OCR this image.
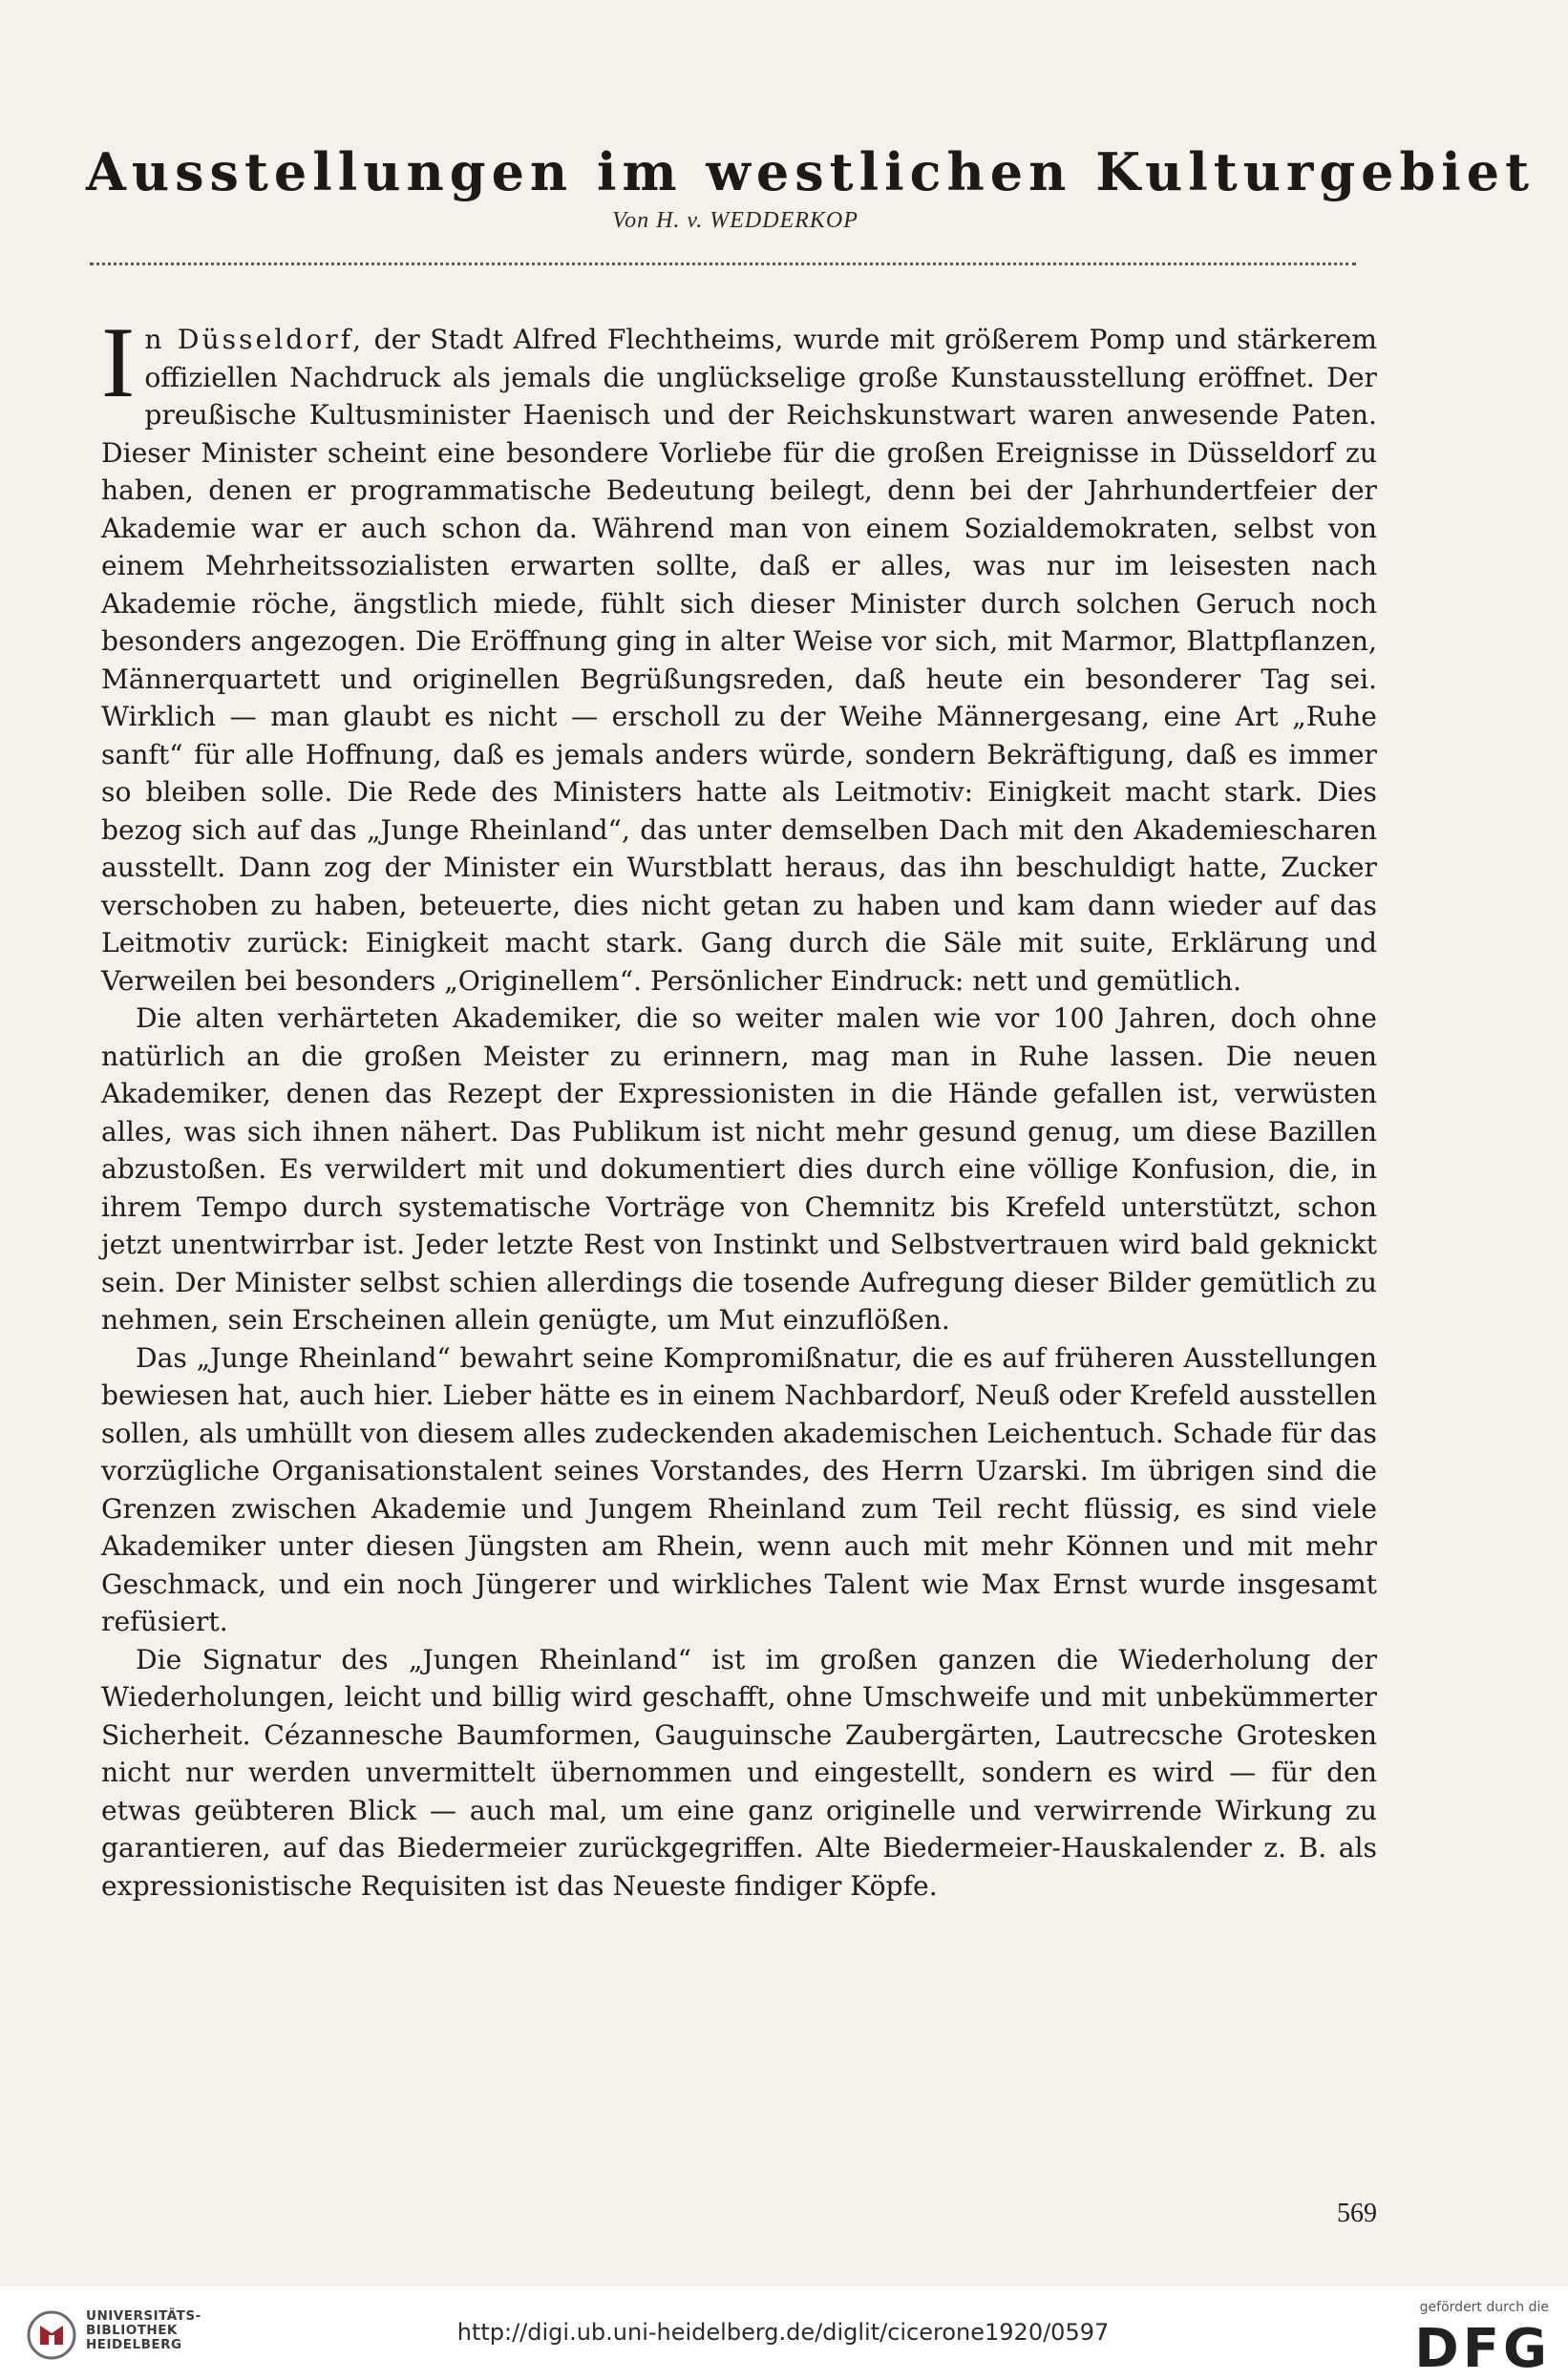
Ausstellungen im westlichen Kulturgebiet
Von H. v. WEDDERKOP

In Düsseldorf, der Stadt Alfred Flechtheims, wurde mit größerem Pomp und stärkerem offiziellen Nachdruck als jemals die unglückselige große Kunstausstellung eröffnet. Der preußische Kultusminister Haenisch und der Reichskunstwart waren anwesende Paten. Dieser Minister scheint eine besondere Vorliebe für die großen Ereignisse in Düsseldorf zu haben, denen er programmatische Bedeutung beilegt, denn bei der Jahrhundertfeier der Akademie war er auch schon da. Während man von einem Sozialdemokraten, selbst von einem Mehrheitssozialisten erwarten sollte, daß er alles, was nur im leisesten nach Akademie röche, ängstlich miede, fühlt sich dieser Minister durch solchen Geruch noch besonders angezogen. Die Eröffnung ging in alter Weise vor sich, mit Marmor, Blattpflanzen, Männerquartett und originellen Begrüßungsreden, daß heute ein besonderer Tag sei. Wirklich — man glaubt es nicht — erscholl zu der Weihe Männergesang, eine Art „Ruhe sanft“ für alle Hoffnung, daß es jemals anders würde, sondern Bekräftigung, daß es immer so bleiben solle. Die Rede des Ministers hatte als Leitmotiv: Einigkeit macht stark. Dies bezog sich auf das „Junge Rheinland“, das unter demselben Dach mit den Akademiescharen ausstellt. Dann zog der Minister ein Wurstblatt heraus, das ihn beschuldigt hatte, Zucker verschoben zu haben, beteuerte, dies nicht getan zu haben und kam dann wieder auf das Leitmotiv zurück: Einigkeit macht stark. Gang durch die Säle mit suite, Erklärung und Verweilen bei besonders „Originellem“. Persönlicher Eindruck: nett und gemütlich.

Die alten verhärteten Akademiker, die so weiter malen wie vor 100 Jahren, doch ohne natürlich an die großen Meister zu erinnern, mag man in Ruhe lassen. Die neuen Akademiker, denen das Rezept der Expressionisten in die Hände gefallen ist, verwüsten alles, was sich ihnen nähert. Das Publikum ist nicht mehr gesund genug, um diese Bazillen abzustoßen. Es verwildert mit und dokumentiert dies durch eine völlige Konfusion, die, in ihrem Tempo durch systematische Vorträge von Chemnitz bis Krefeld unterstützt, schon jetzt unentwirrbar ist. Jeder letzte Rest von Instinkt und Selbstvertrauen wird bald geknickt sein. Der Minister selbst schien allerdings die tosende Aufregung dieser Bilder gemütlich zu nehmen, sein Erscheinen allein genügte, um Mut einzuflößen.

Das „Junge Rheinland“ bewahrt seine Kompromißnatur, die es auf früheren Ausstellungen bewiesen hat, auch hier. Lieber hätte es in einem Nachbardorf, Neuß oder Krefeld ausstellen sollen, als umhüllt von diesem alles zudeckenden akademischen Leichentuch. Schade für das vorzügliche Organisationstalent seines Vorstandes, des Herrn Uzarski. Im übrigen sind die Grenzen zwischen Akademie und Jungem Rheinland zum Teil recht flüssig, es sind viele Akademiker unter diesen Jüngsten am Rhein, wenn auch mit mehr Können und mit mehr Geschmack, und ein noch Jüngerer und wirkliches Talent wie Max Ernst wurde insgesamt refüsiert.

Die Signatur des „Jungen Rheinland“ ist im großen ganzen die Wiederholung der Wiederholungen, leicht und billig wird geschafft, ohne Umschweife und mit unbekümmerter Sicherheit. Cézannesche Baumformen, Gauguinsche Zaubergärten, Lautrecsche Grotesken nicht nur werden unvermittelt übernommen und eingestellt, sondern es wird — für den etwas geübteren Blick — auch mal, um eine ganz originelle und verwirrende Wirkung zu garantieren, auf das Biedermeier zurückgegriffen. Alte Biedermeier-Hauskalender z. B. als expressionistische Requisiten ist das Neueste findiger Köpfe.

569
UNIVERSITÄTS-
BIBLIOTHEK
HEIDELBERG	http://digi.ub.uni-heidelberg.de/diglit/cicerone1920/0597
gefördert durch die
DFG
